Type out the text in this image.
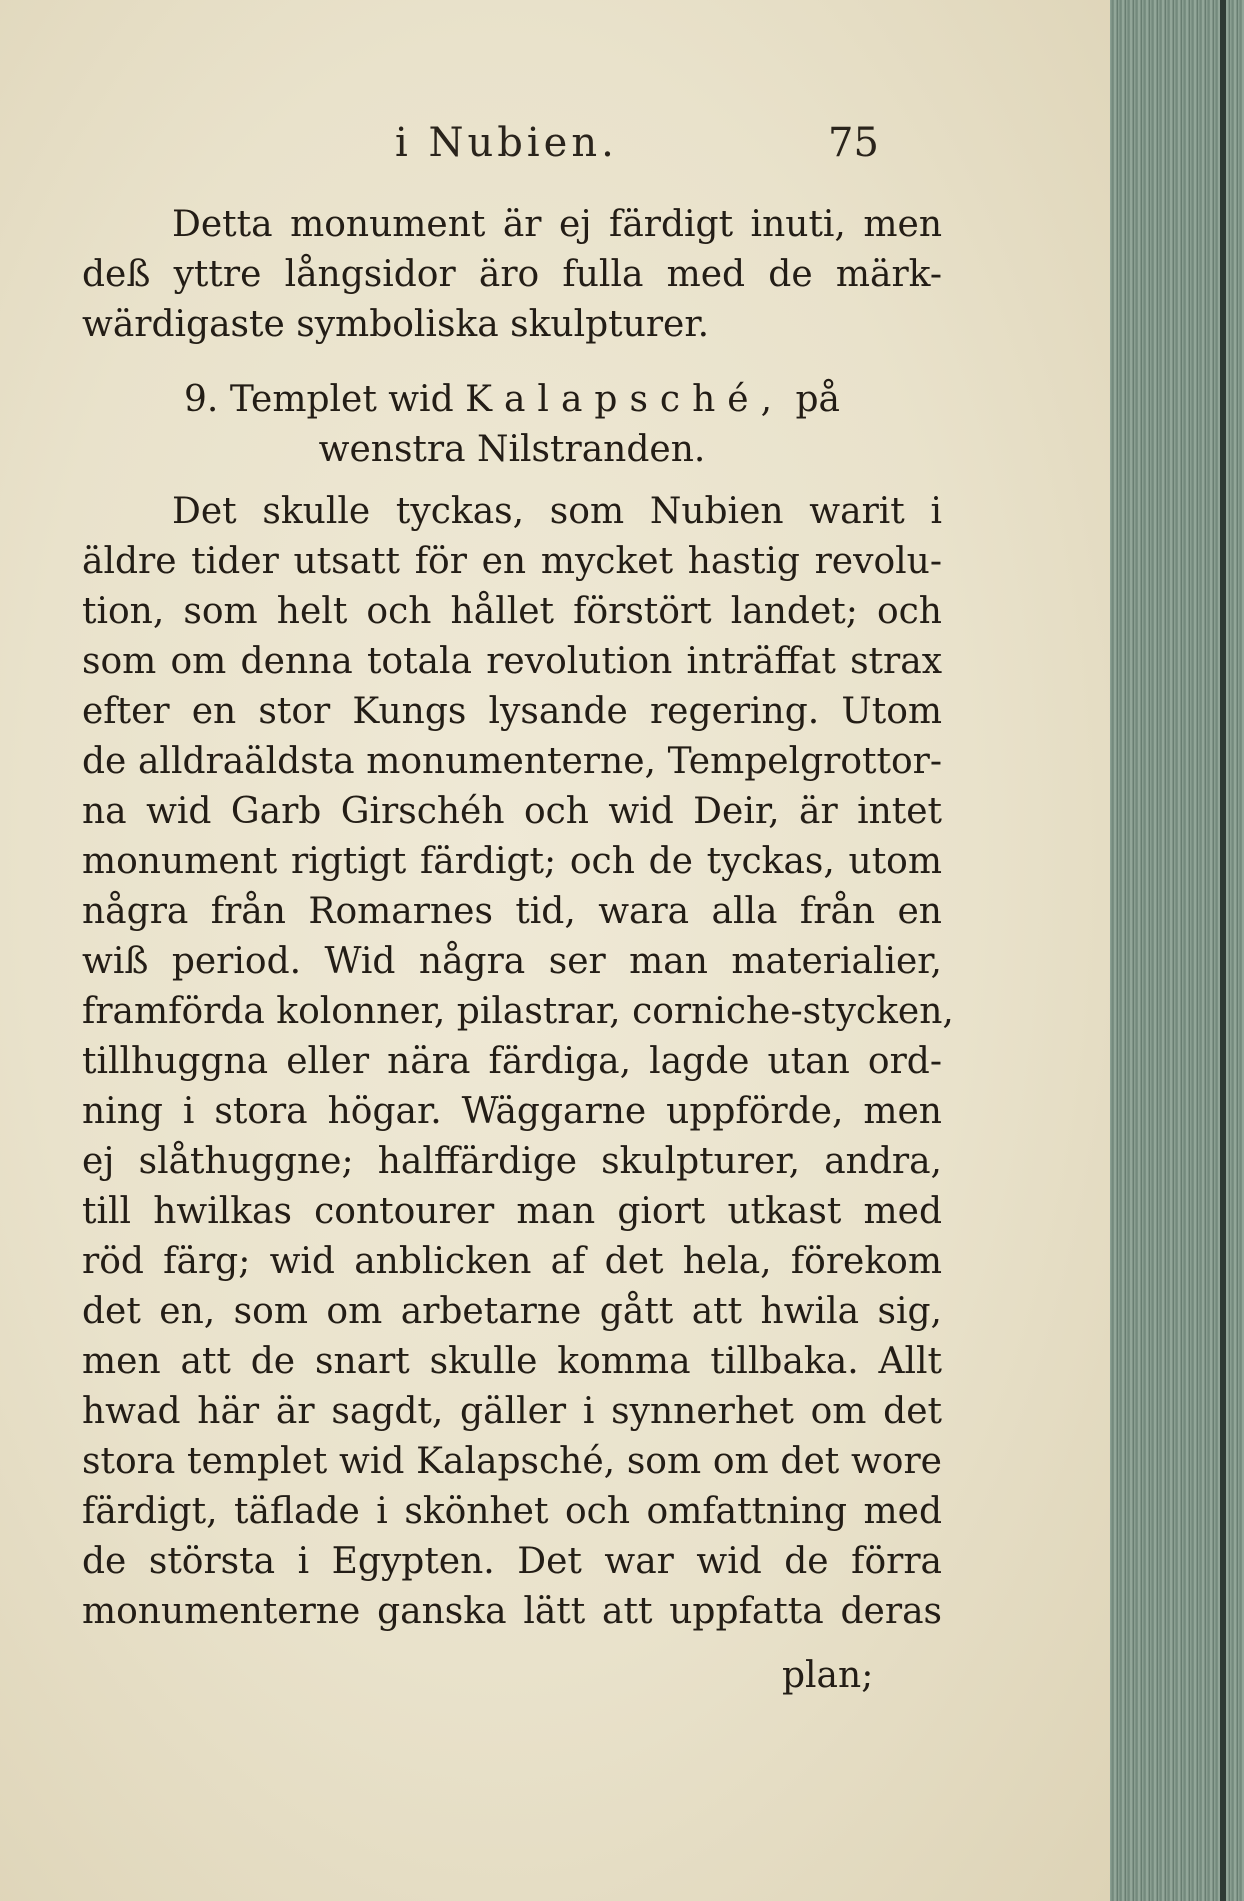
i Nubien.	75
Detta monument är ej färdigt inuti, men
deß yttre långsidor äro fulla med de märk-
wärdigaste symboliska skulpturer.
9. Templet wid Kalapsché, på
wenstra Nilstranden.
Det skulle tyckas, som Nubien warit i
äldre tider utsatt för en mycket hastig revolu-
tion, som helt och hållet förstört landet; och
som om denna totala revolution inträffat strax
efter en stor Kungs lysande regering. Utom
de alldraäldsta monumenterne, Tempelgrottor-
na wid Garb Girschéh och wid Deir, är intet
monument rigtigt färdigt; och de tyckas, utom
några från Romarnes tid, wara alla från en
wiß period. Wid några ser man materialier,
framförda kolonner, pilastrar, corniche-stycken,
tillhuggna eller nära färdiga, lagde utan ord-
ning i stora högar. Wäggarne uppförde, men
ej slåthuggne; halffärdige skulpturer, andra,
till hwilkas contourer man giort utkast med
röd färg; wid anblicken af det hela, förekom
det en, som om arbetarne gått att hwila sig,
men att de snart skulle komma tillbaka. Allt
hwad här är sagdt, gäller i synnerhet om det
stora templet wid Kalapsché, som om det wore
färdigt, täflade i skönhet och omfattning med
de största i Egypten. Det war wid de förra
monumenterne ganska lätt att uppfatta deras
plan;
